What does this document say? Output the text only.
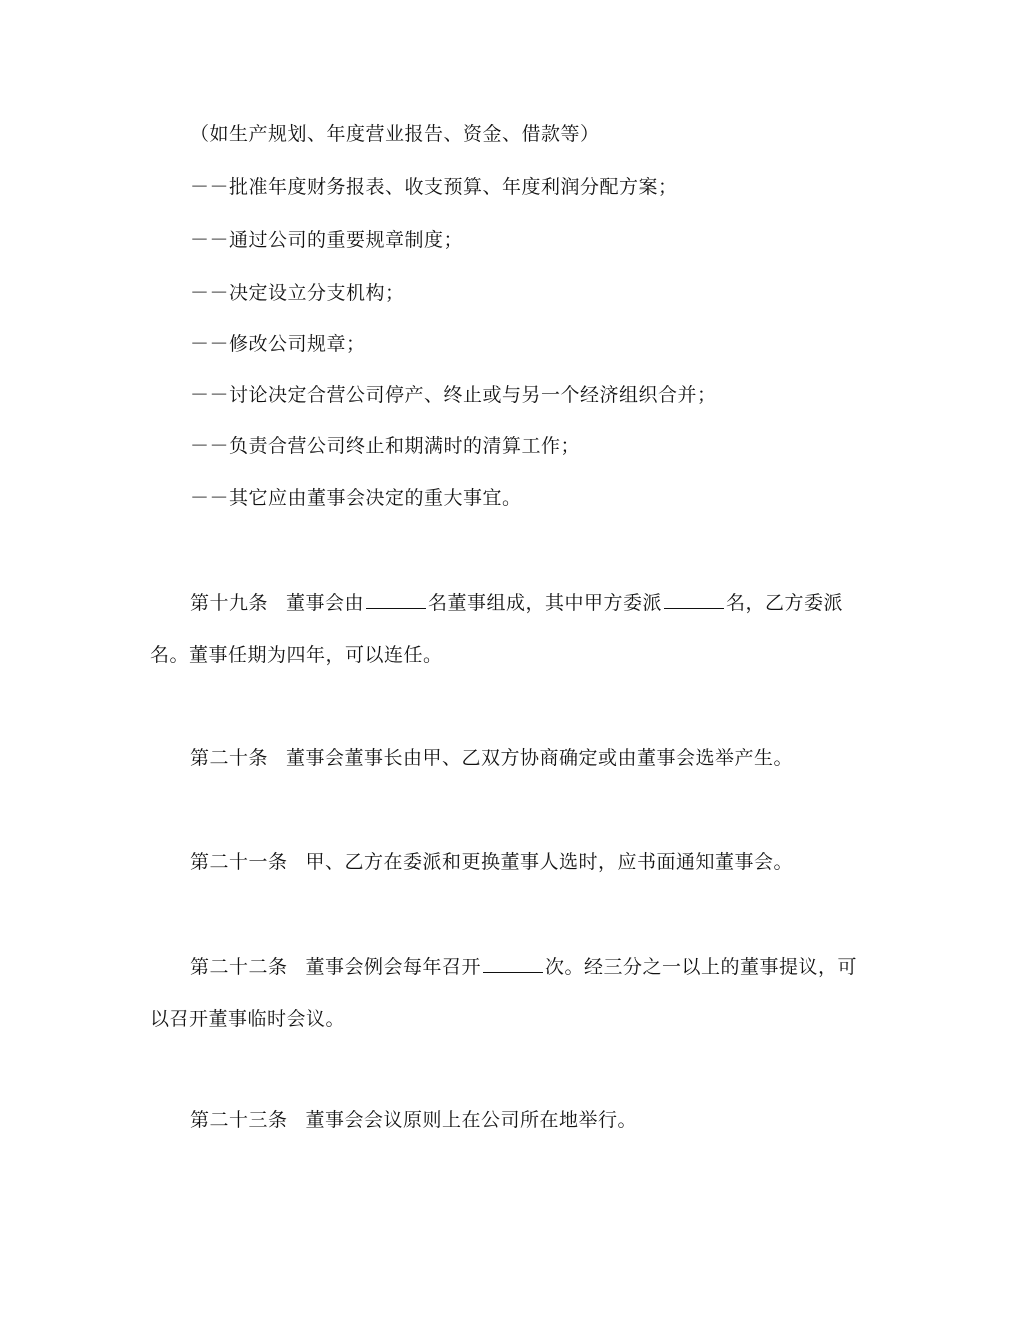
（如生产规划、年度营业报告、资金、借款等）
－－批准年度财务报表、收支预算、年度利润分配方案；
－－通过公司的重要规章制度；
－－决定设立分支机构；
－－修改公司规章；
－－讨论决定合营公司停产、终止或与另一个经济组织合并；
－－负责合营公司终止和期满时的清算工作；
－－其它应由董事会决定的重大事宜。
第十九条 董事会由	名董事组成，其中甲方委派	名，乙方委派
名。董事任期为四年，可以连任。
第二十条 董事会董事长由甲、乙双方协商确定或由董事会选举产生。
第二十一条 甲、乙方在委派和更换董事人选时，应书面通知董事会。
第二十二条 董事会例会每年召开	次。经三分之一以上的董事提议，可
以召开董事临时会议。
第二十三条 董事会会议原则上在公司所在地举行。
